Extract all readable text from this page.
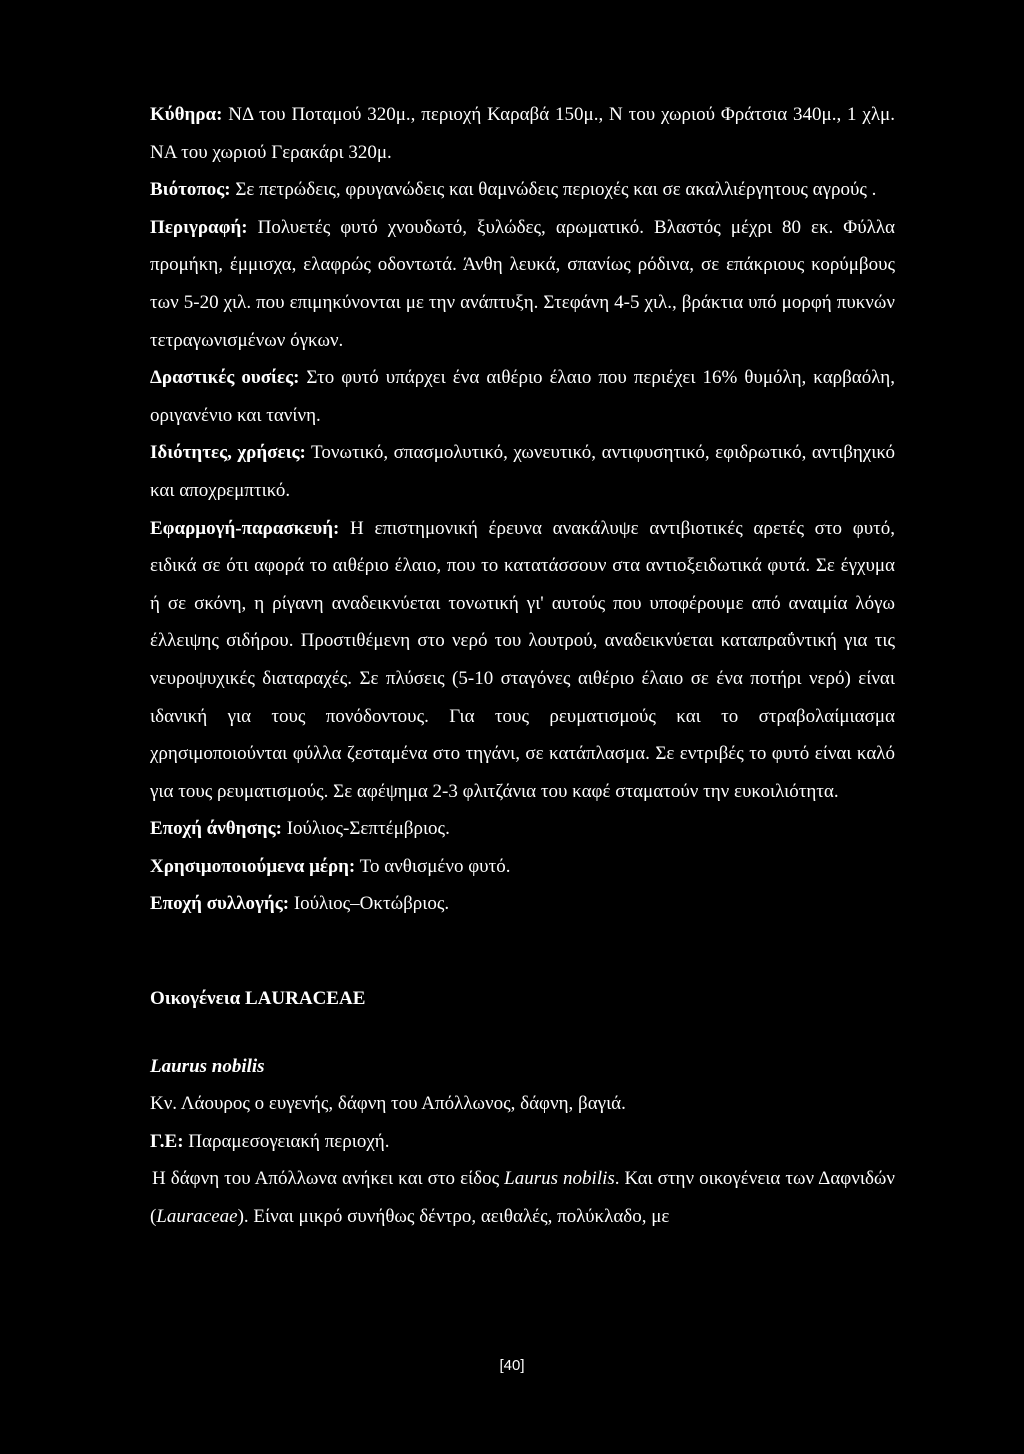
Κύθηρα: ΝΔ του Ποταμού 320μ., περιοχή Καραβά 150μ., Ν του χωριού Φράτσια 340μ., 1 χλμ. ΝΑ του χωριού Γερακάρι 320μ.

Βιότοπος: Σε πετρώδεις, φρυγανώδεις και θαμνώδεις περιοχές και σε ακαλλιέργητους αγρούς .

Περιγραφή: Πολυετές φυτό χνουδωτό, ξυλώδες, αρωματικό. Βλαστός μέχρι 80 εκ. Φύλλα προμήκη, έμμισχα, ελαφρώς οδοντωτά. Άνθη λευκά, σπανίως ρόδινα, σε επάκριους κορύμβους των 5-20 χιλ. που επιμηκύνονται με την ανάπτυξη. Στεφάνη 4-5 χιλ., βράκτια υπό μορφή πυκνών τετραγωνισμένων όγκων.

Δραστικές ουσίες: Στο φυτό υπάρχει ένα αιθέριο έλαιο που περιέχει 16% θυμόλη, καρβαόλη, οριγανένιο και τανίνη.

Ιδιότητες, χρήσεις: Τονωτικό, σπασμολυτικό, χωνευτικό, αντιφυσητικό, εφιδρωτικό, αντιβηχικό και αποχρεμπτικό.

Εφαρμογή-παρασκευή: Η επιστημονική έρευνα ανακάλυψε αντιβιοτικές αρετές στο φυτό, ειδικά σε ότι αφορά το αιθέριο έλαιο, που το κατατάσσουν στα αντιοξειδωτικά φυτά. Σε έγχυμα ή σε σκόνη, η ρίγανη αναδεικνύεται τονωτική γι' αυτούς που υποφέρουμε από αναιμία λόγω έλλειψης σιδήρου. Προστιθέμενη στο νερό του λουτρού, αναδεικνύεται καταπραΰντική για τις νευροψυχικές διαταραχές. Σε πλύσεις (5-10 σταγόνες αιθέριο έλαιο σε ένα ποτήρι νερό) είναι ιδανική για τους πονόδοντους. Για τους ρευματισμούς και το στραβολαίμιασμα χρησιμοποιούνται φύλλα ζεσταμένα στο τηγάνι, σε κατάπλασμα. Σε εντριβές το φυτό είναι καλό για τους ρευματισμούς. Σε αφέψημα 2-3 φλιτζάνια του καφέ σταματούν την ευκοιλιότητα.

Εποχή άνθησης: Ιούλιος-Σεπτέμβριος.

Χρησιμοποιούμενα μέρη: Το ανθισμένο φυτό.

Εποχή συλλογής: Ιούλιος–Οκτώβριος.

Οικογένεια LAURACEAE
Laurus nobilis

Κν. Λάουρος ο ευγενής, δάφνη του Απόλλωνος, δάφνη, βαγιά.

Γ.Ε: Παραμεσογειακή περιοχή.

Η δάφνη του Απόλλωνα ανήκει και στο είδος Laurus nobilis. Και στην οικογένεια των Δαφνιδών (Lauraceae). Είναι μικρό συνήθως δέντρο, αειθαλές, πολύκλαδο, με

[40]
